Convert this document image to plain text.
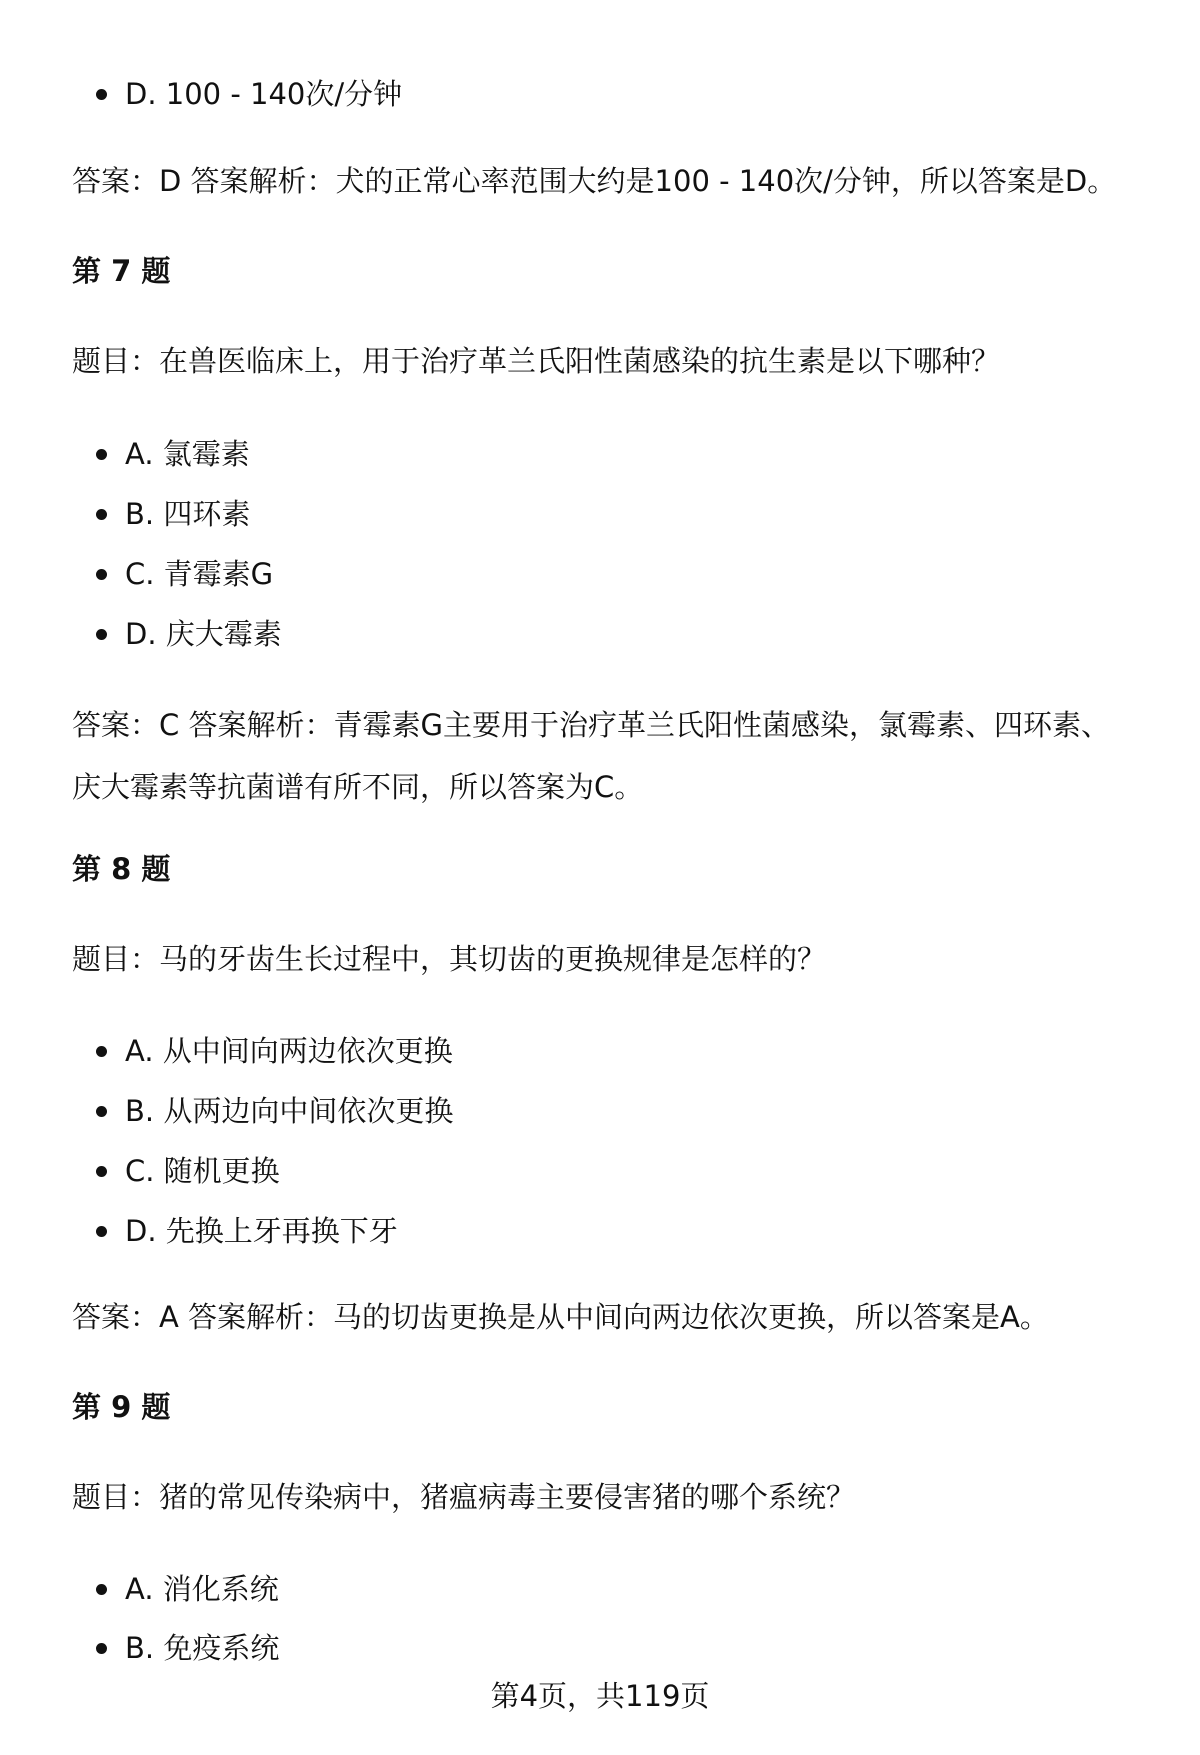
D. 100 - 140次/分钟
答案：D 答案解析：犬的正常心率范围大约是100 - 140次/分钟，所以答案是D。
第 7 题
题目：在兽医临床上，用于治疗革兰氏阳性菌感染的抗生素是以下哪种？
A. 氯霉素
B. 四环素
C. 青霉素G
D. 庆大霉素
答案：C 答案解析：青霉素G主要用于治疗革兰氏阳性菌感染，氯霉素、四环素、庆大霉素等抗菌谱有所不同，所以答案为C。
第 8 题
题目：马的牙齿生长过程中，其切齿的更换规律是怎样的？
A. 从中间向两边依次更换
B. 从两边向中间依次更换
C. 随机更换
D. 先换上牙再换下牙
答案：A 答案解析：马的切齿更换是从中间向两边依次更换，所以答案是A。
第 9 题
题目：猪的常见传染病中，猪瘟病毒主要侵害猪的哪个系统？
A. 消化系统
B. 免疫系统
第4页，共119页
